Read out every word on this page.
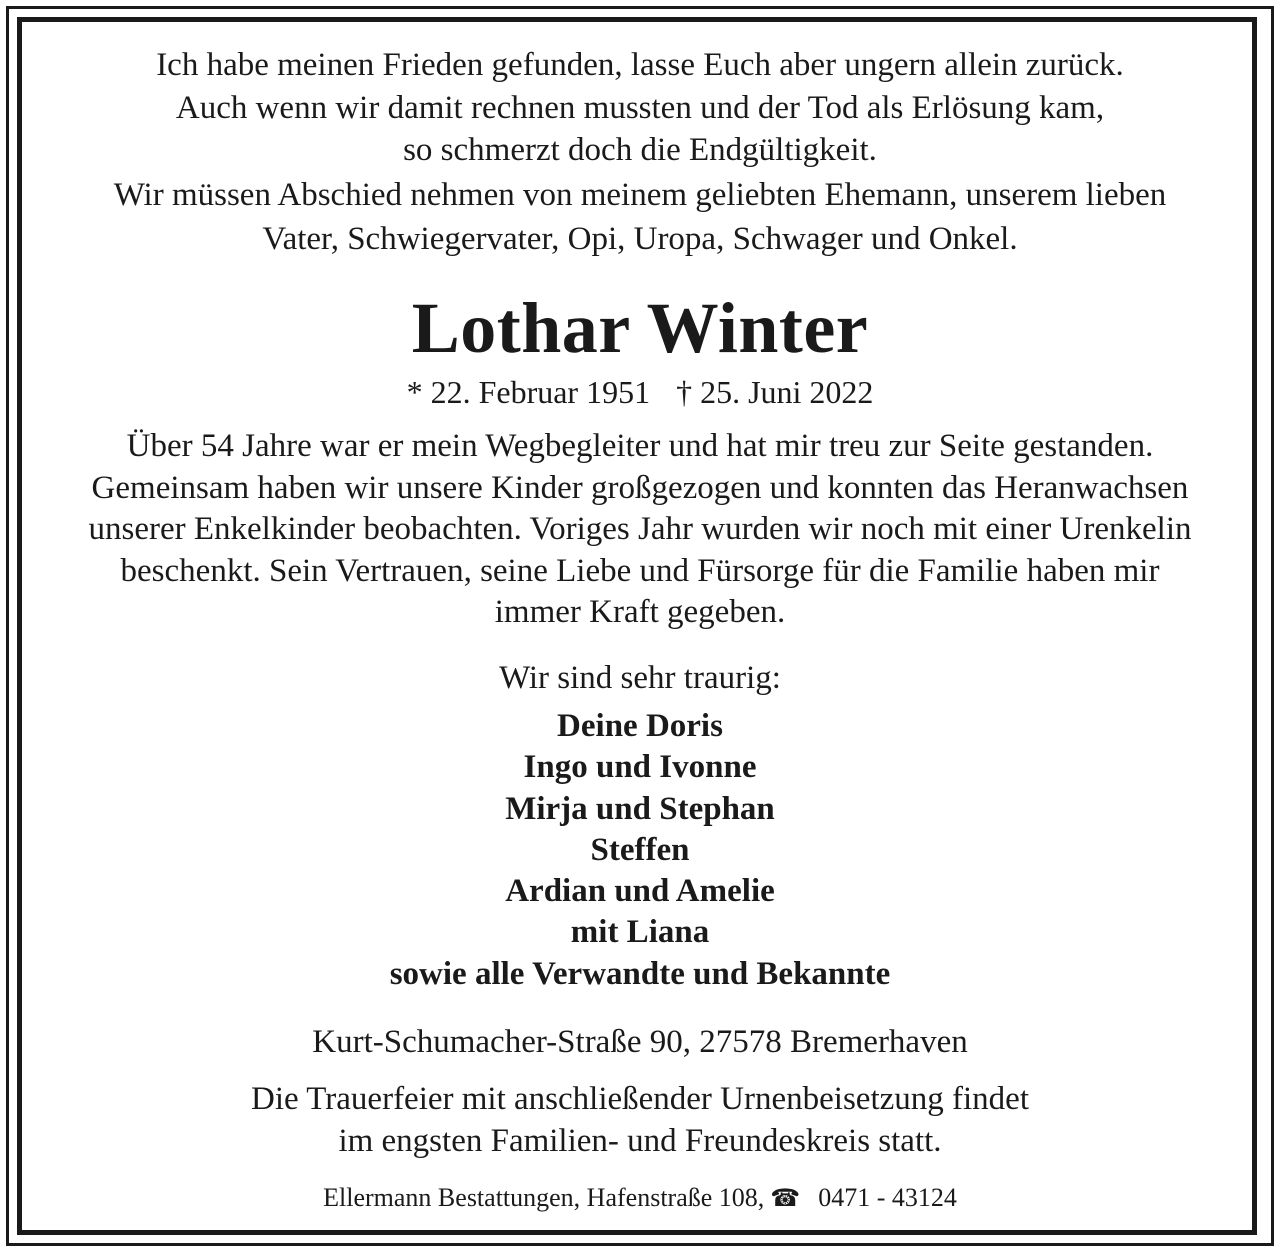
Ich habe meinen Frieden gefunden, lasse Euch aber ungern allein zurück.
Auch wenn wir damit rechnen mussten und der Tod als Erlösung kam,
so schmerzt doch die Endgültigkeit.
Wir müssen Abschied nehmen von meinem geliebten Ehemann, unserem lieben
Vater, Schwiegervater, Opi, Uropa, Schwager und Onkel.
Lothar Winter
* 22. Februar 1951 † 25. Juni 2022
Über 54 Jahre war er mein Wegbegleiter und hat mir treu zur Seite gestanden.
Gemeinsam haben wir unsere Kinder großgezogen und konnten das Heranwachsen
unserer Enkelkinder beobachten. Voriges Jahr wurden wir noch mit einer Urenkelin
beschenkt. Sein Vertrauen, seine Liebe und Fürsorge für die Familie haben mir
immer Kraft gegeben.
Wir sind sehr traurig:
Deine Doris
Ingo und Ivonne
Mirja und Stephan
Steffen
Ardian und Amelie
mit Liana
sowie alle Verwandte und Bekannte
Kurt-Schumacher-Straße 90, 27578 Bremerhaven
Die Trauerfeier mit anschließender Urnenbeisetzung findet
im engsten Familien- und Freundeskreis statt.
Ellermann Bestattungen, Hafenstraße 108, ☎ 0471 - 43124
